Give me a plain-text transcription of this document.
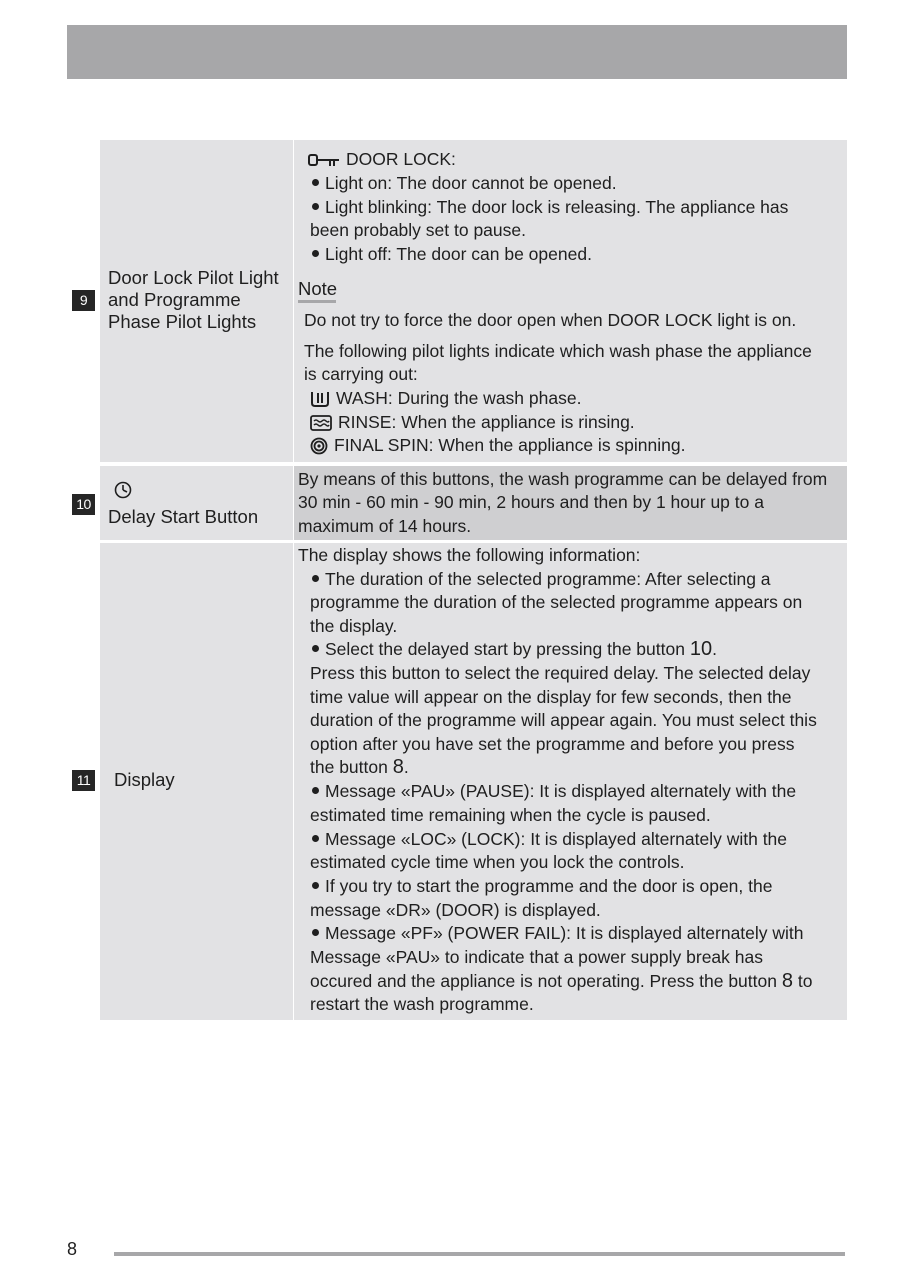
9
Door Lock Pilot Light
and Programme
Phase Pilot Lights
DOOR LOCK:
Light on: The door cannot be opened.
Light blinking: The door lock is releasing. The appliance has
been probably set to pause.
Light off: The door can be opened.
Note
Do not try to force the door open when DOOR LOCK light is on.
The following pilot lights indicate which wash phase the appliance
is carrying out:
WASH: During the wash phase.
RINSE: When the appliance is rinsing.
FINAL SPIN: When the appliance is spinning.
10
Delay Start Button
By means of this buttons, the wash programme can be delayed from
30 min - 60 min - 90 min, 2 hours and then by 1 hour up to a
maximum of 14 hours.
11 Display
The display shows the following information:
The duration of the selected programme: After selecting a
programme the duration of the selected programme appears on
the display.
Select the delayed start by pressing the button 10.
Press this button to select the required delay. The selected delay
time value will appear on the display for few seconds, then the
duration of the programme will appear again. You must select this
option after you have set the programme and before you press
the button 8.
Message «PAU» (PAUSE): It is displayed alternately with the
estimated time remaining when the cycle is paused.
Message «LOC» (LOCK): It is displayed alternately with the
estimated cycle time when you lock the controls.
If you try to start the programme and the door is open, the
message «DR» (DOOR) is displayed.
Message «PF» (POWER FAIL): It is displayed alternately with
Message «PAU» to indicate that a power supply break has
occured and the appliance is not operating. Press the button 8 to
restart the wash programme.
8
